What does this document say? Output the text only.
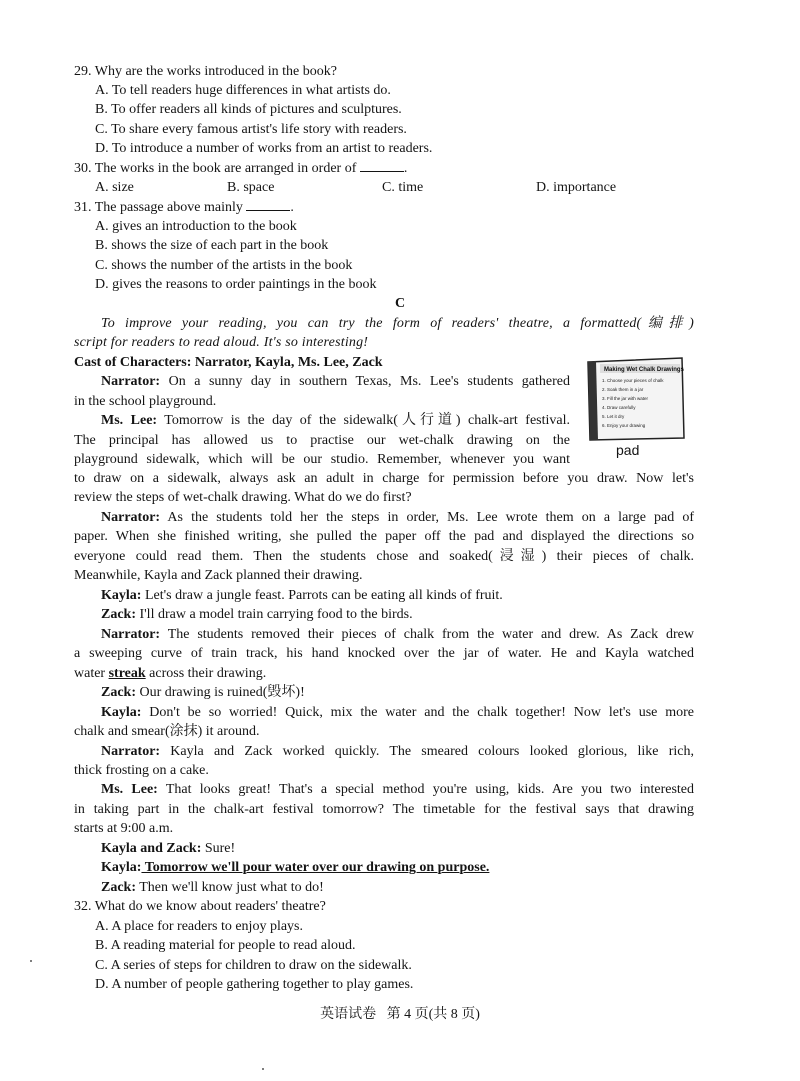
29. Why are the works introduced in the book?
A. To tell readers huge differences in what artists do.
B. To offer readers all kinds of pictures and sculptures.
C. To share every famous artist's life story with readers.
D. To introduce a number of works from an artist to readers.
30. The works in the book are arranged in order of	.
A. size	B. space	C. time	D. importance
31. The passage above mainly	.
A. gives an introduction to the book
B. shows the size of each part in the book
C. shows the number of the artists in the book
D. gives the reasons to order paintings in the book
C
To improve your reading, you can try the form of readers' theatre, a formatted(编排)
script for readers to read aloud. It's so interesting!
Cast of Characters: Narrator, Kayla, Ms. Lee, Zack	Making Wet Chalk Drawings
1. Choose your pieces of chalk
2. Soak them in a jar
3. Fill the jar with water
4. Draw carefully
5. Let it dry
6. Enjoy your drawing
pad
Narrator: On a sunny day in southern Texas, Ms. Lee's students gathered
in the school playground.
Ms. Lee: Tomorrow is the day of the sidewalk(人行道) chalk-art festival.
The principal has allowed us to practise our wet-chalk drawing on the
playground sidewalk, which will be our studio. Remember, whenever you want
to draw on a sidewalk, always ask an adult in charge for permission before you draw. Now let's
review the steps of wet-chalk drawing. What do we do first?
Narrator: As the students told her the steps in order, Ms. Lee wrote them on a large pad of
paper. When she finished writing, she pulled the paper off the pad and displayed the directions so
everyone could read them. Then the students chose and soaked(浸湿) their pieces of chalk.
Meanwhile, Kayla and Zack planned their drawing.
Kayla: Let's draw a jungle feast. Parrots can be eating all kinds of fruit.
Zack: I'll draw a model train carrying food to the birds.
Narrator: The students removed their pieces of chalk from the water and drew. As Zack drew
a sweeping curve of train track, his hand knocked over the jar of water. He and Kayla watched
water streak across their drawing.
Zack: Our drawing is ruined(毁坏)!
Kayla: Don't be so worried! Quick, mix the water and the chalk together! Now let's use more
chalk and smear(涂抹) it around.
Narrator: Kayla and Zack worked quickly. The smeared colours looked glorious, like rich,
thick frosting on a cake.
Ms. Lee: That looks great! That's a special method you're using, kids. Are you two interested
in taking part in the chalk-art festival tomorrow? The timetable for the festival says that drawing
starts at 9:00 a.m.
Kayla and Zack: Sure!
Kayla: Tomorrow we'll pour water over our drawing on purpose.
Zack: Then we'll know just what to do!
32. What do we know about readers' theatre?
A. A place for readers to enjoy plays.
B. A reading material for people to read aloud.
C. A series of steps for children to draw on the sidewalk.
D. A number of people gathering together to play games.
英语试卷   第 4 页(共 8 页)
